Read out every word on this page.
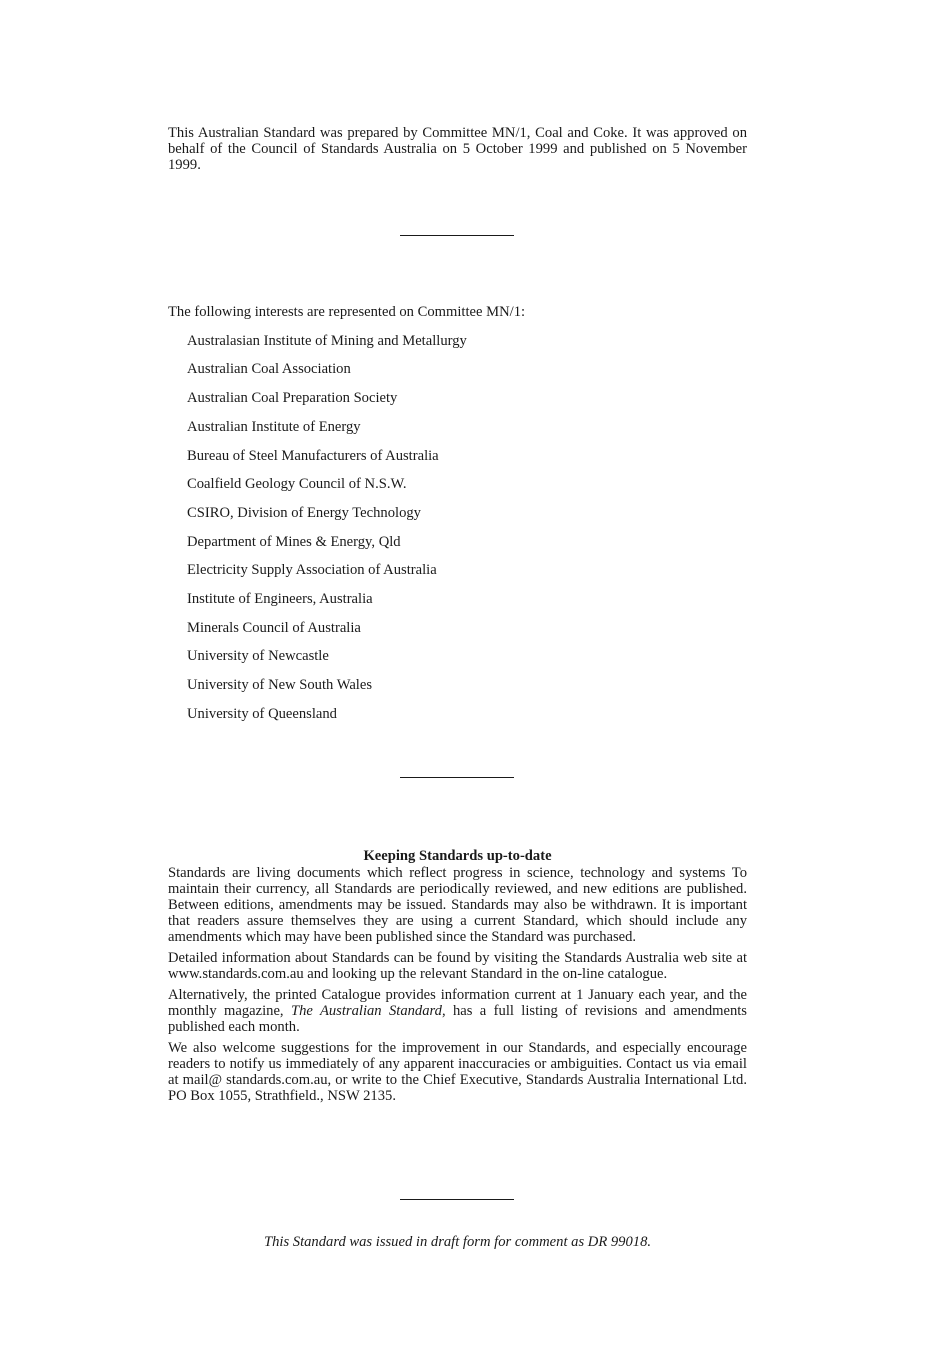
This Australian Standard was prepared by Committee MN/1, Coal and Coke. It was approved on behalf of the Council of Standards Australia on 5 October 1999 and published on 5 November 1999.
The following interests are represented on Committee MN/1:
Australasian Institute of Mining and Metallurgy
Australian Coal Association
Australian Coal Preparation Society
Australian Institute of Energy
Bureau of Steel Manufacturers of Australia
Coalfield Geology Council of N.S.W.
CSIRO, Division of Energy Technology
Department of Mines & Energy, Qld
Electricity Supply Association of Australia
Institute of Engineers, Australia
Minerals Council of Australia
University of Newcastle
University of New South Wales
University of Queensland
Keeping Standards up-to-date

Standards are living documents which reflect progress in science, technology and systems To maintain their currency, all Standards are periodically reviewed, and new editions are published. Between editions, amendments may be issued. Standards may also be withdrawn. It is important that readers assure themselves they are using a current Standard, which should include any amendments which may have been published since the Standard was purchased.

Detailed information about Standards can be found by visiting the Standards Australia web site at www.standards.com.au and looking up the relevant Standard in the on-line catalogue.

Alternatively, the printed Catalogue provides information current at 1 January each year, and the monthly magazine, The Australian Standard, has a full listing of revisions and amendments published each month.

We also welcome suggestions for the improvement in our Standards, and especially encourage readers to notify us immediately of any apparent inaccuracies or ambiguities. Contact us via email at mail@ standards.com.au, or write to the Chief Executive, Standards Australia International Ltd. PO Box 1055, Strathfield., NSW 2135.

This Standard was issued in draft form for comment as DR 99018.
